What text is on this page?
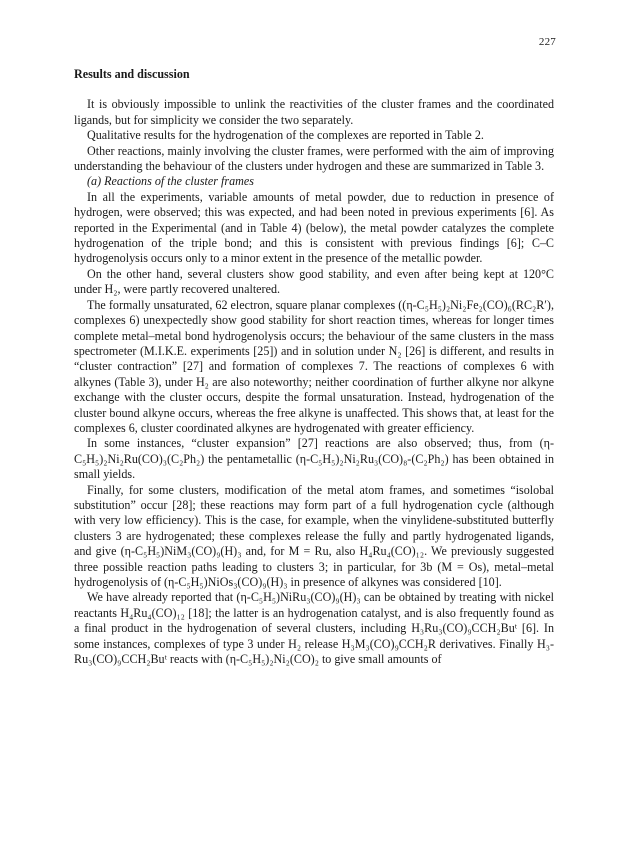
227
Results and discussion

It is obviously impossible to unlink the reactivities of the cluster frames and the coordinated ligands, but for simplicity we consider the two separately.

Qualitative results for the hydrogenation of the complexes are reported in Table 2.

Other reactions, mainly involving the cluster frames, were performed with the aim of improving understanding the behaviour of the clusters under hydrogen and these are summarized in Table 3.

(a) Reactions of the cluster frames

In all the experiments, variable amounts of metal powder, due to reduction in presence of hydrogen, were observed; this was expected, and had been noted in previous experiments [6]. As reported in the Experimental (and in Table 4) (below), the metal powder catalyzes the complete hydrogenation of the triple bond; and this is consistent with previous findings [6]; C–C hydrogenolysis occurs only to a minor extent in the presence of the metallic powder.

On the other hand, several clusters show good stability, and even after being kept at 120°C under H₂, were partly recovered unaltered.

The formally unsaturated, 62 electron, square planar complexes ((η-C₅H₅)₂Ni₂Fe₂(CO)₆(RC₂R′), complexes 6) unexpectedly show good stability for short reaction times, whereas for longer times complete metal–metal bond hydrogenolysis occurs; the behaviour of the same clusters in the mass spectrometer (M.I.K.E. experiments [25]) and in solution under N₂ [26] is different, and results in “cluster contraction” [27] and formation of complexes 7. The reactions of complexes 6 with alkynes (Table 3), under H₂ are also noteworthy; neither coordination of further alkyne nor alkyne exchange with the cluster occurs, despite the formal unsaturation. Instead, hydrogenation of the cluster bound alkyne occurs, whereas the free alkyne is unaffected. This shows that, at least for the complexes 6, cluster coordinated alkynes are hydrogenated with greater efficiency.

In some instances, “cluster expansion” [27] reactions are also observed; thus, from (η-C₅H₅)₂Ni₂Ru(CO)₃(C₂Ph₂) the pentametallic (η-C₅H₅)₂Ni₂Ru₃(CO)₈-(C₂Ph₂) has been obtained in small yields.

Finally, for some clusters, modification of the metal atom frames, and sometimes “isolobal substitution” occur [28]; these reactions may form part of a full hydrogenation cycle (although with very low efficiency). This is the case, for example, when the vinylidene-substituted butterfly clusters 3 are hydrogenated; these complexes release the fully and partly hydrogenated ligands, and give (η-C₅H₅)NiM₃(CO)₉(H)₃ and, for M = Ru, also H₄Ru₄(CO)₁₂. We previously suggested three possible reaction paths leading to clusters 3; in particular, for 3b (M = Os), metal–metal hydrogenolysis of (η-C₅H₅)NiOs₃(CO)₉(H)₃ in presence of alkynes was considered [10].

We have already reported that (η-C₅H₅)NiRu₃(CO)₉(H)₃ can be obtained by treating with nickel reactants H₄Ru₄(CO)₁₂ [18]; the latter is an hydrogenation catalyst, and is also frequently found as a final product in the hydrogenation of several clusters, including H₃Ru₃(CO)₉CCH₂Buᵗ [6]. In some instances, complexes of type 3 under H₂ release H₃M₃(CO)₉CCH₂R derivatives. Finally H₃-Ru₃(CO)₉CCH₂Buᵗ reacts with (η-C₅H₅)₂Ni₂(CO)₂ to give small amounts of
